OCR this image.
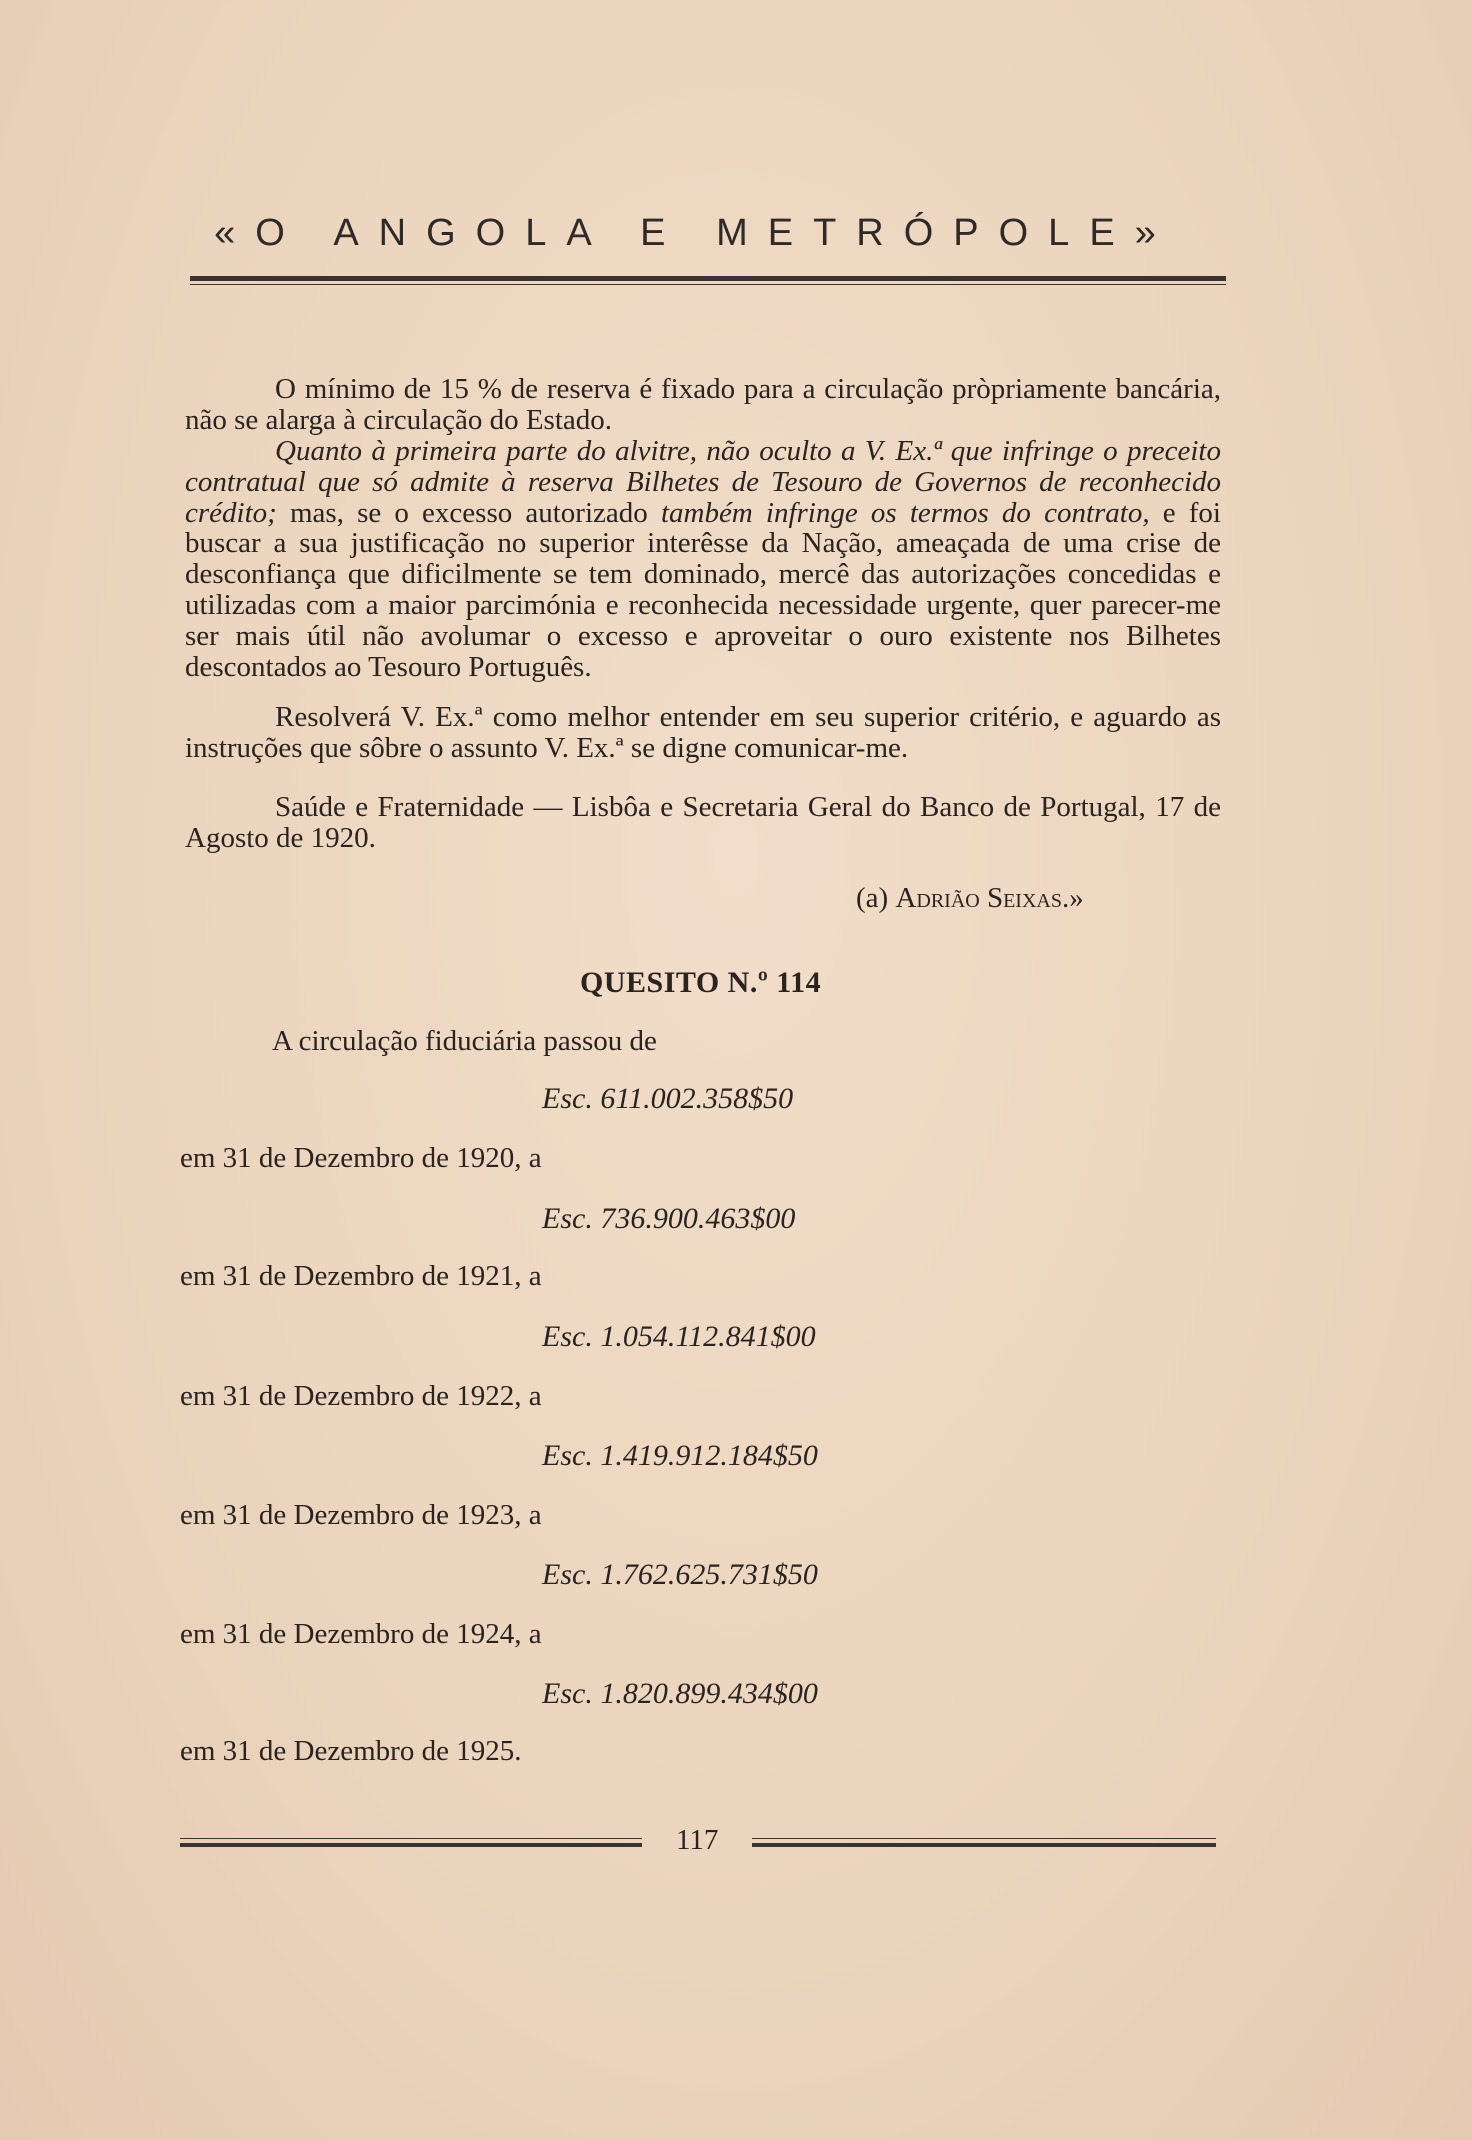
«O ANGOLA E METRÓPOLE»

O mínimo de 15 % de reserva é fixado para a circulação pròpriamente bancária, não se alarga à circulação do Estado.

Quanto à primeira parte do alvitre, não oculto a V. Ex.ª que infringe o preceito contratual que só admite à reserva Bilhetes de Tesouro de Governos de reconhecido crédito; mas, se o excesso autorizado também infringe os termos do contrato, e foi buscar a sua justificação no superior interêsse da Nação, ameaçada de uma crise de desconfiança que dificilmente se tem dominado, mercê das autorizações concedidas e utilizadas com a maior parcimónia e reconhecida necessidade urgente, quer parecer-me ser mais útil não avolumar o excesso e aproveitar o ouro existente nos Bilhetes descontados ao Tesouro Português.

Resolverá V. Ex.ª como melhor entender em seu superior critério, e aguardo as instruções que sôbre o assunto V. Ex.ª se digne comunicar-me.

Saúde e Fraternidade — Lisbôa e Secretaria Geral do Banco de Portugal, 17 de Agosto de 1920.

(a) Adrião Seixas.»
QUESITO N.º 114
A circulação fiduciária passou de
Esc. 611.002.358$50
em 31 de Dezembro de 1920, a
Esc. 736.900.463$00
em 31 de Dezembro de 1921, a
Esc. 1.054.112.841$00
em 31 de Dezembro de 1922, a
Esc. 1.419.912.184$50
em 31 de Dezembro de 1923, a
Esc. 1.762.625.731$50
em 31 de Dezembro de 1924, a
Esc. 1.820.899.434$00
em 31 de Dezembro de 1925.
117
